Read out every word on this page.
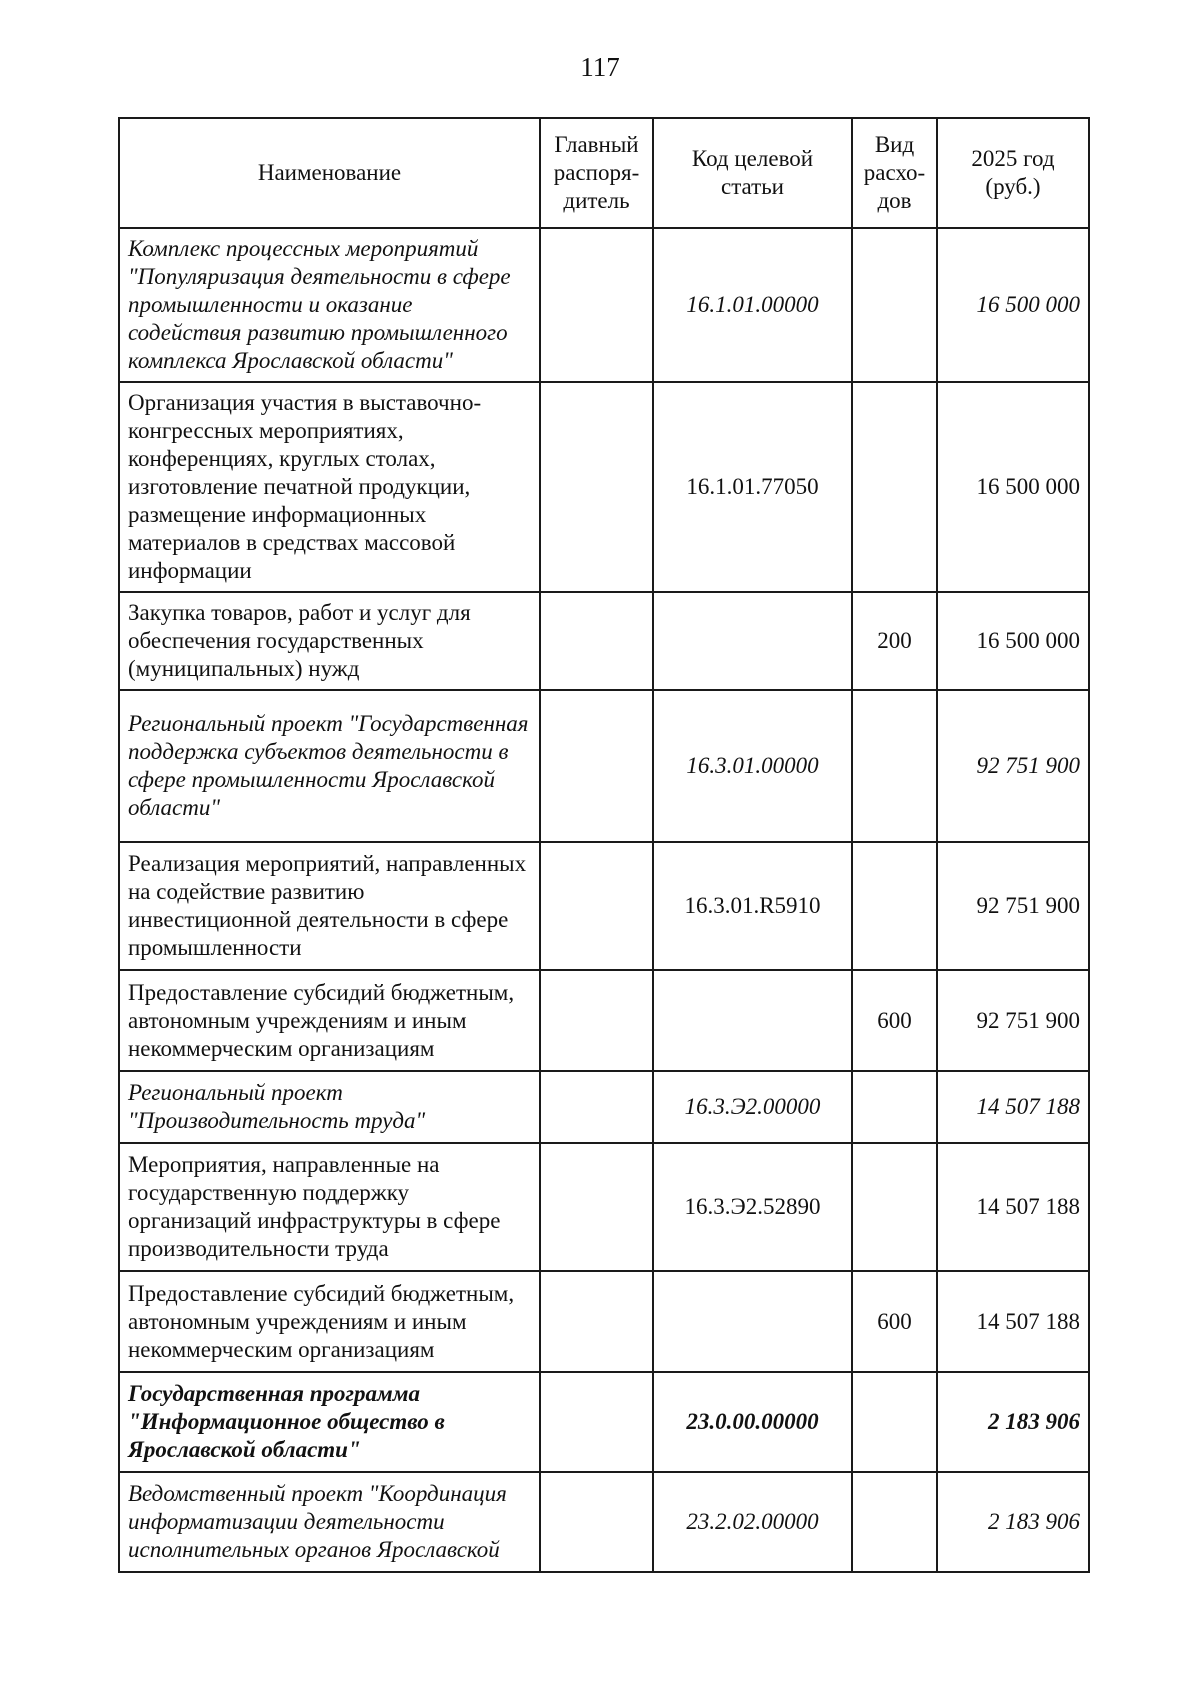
117
Наименование	Главный распоря-дитель	Код целевой статьи	Вид расхо-дов	2025 год (руб.)
Комплекс процессных мероприятий "Популяризация деятельности в сфере промышленности и оказание содействия развитию промышленного комплекса Ярославской области"		16.1.01.00000		16 500 000
Организация участия в выставочно-конгрессных мероприятиях, конференциях, круглых столах, изготовление печатной продукции, размещение информационных материалов в средствах массовой информации		16.1.01.77050		16 500 000
Закупка товаров, работ и услуг для обеспечения государственных (муниципальных) нужд			200	16 500 000
Региональный проект "Государственная поддержка субъектов деятельности в сфере промышленности Ярославской области"		16.3.01.00000		92 751 900
Реализация мероприятий, направленных на содействие развитию инвестиционной деятельности в сфере промышленности		16.3.01.R5910		92 751 900
Предоставление субсидий бюджетным, автономным учреждениям и иным некоммерческим организациям			600	92 751 900
Региональный проект "Производительность труда"		16.3.Э2.00000		14 507 188
Мероприятия, направленные на государственную поддержку организаций инфраструктуры в сфере производительности труда		16.3.Э2.52890		14 507 188
Предоставление субсидий бюджетным, автономным учреждениям и иным некоммерческим организациям			600	14 507 188
Государственная программа "Информационное общество в Ярославской области"		23.0.00.00000		2 183 906
Ведомственный проект "Координация информатизации деятельности исполнительных органов Ярославской		23.2.02.00000		2 183 906
